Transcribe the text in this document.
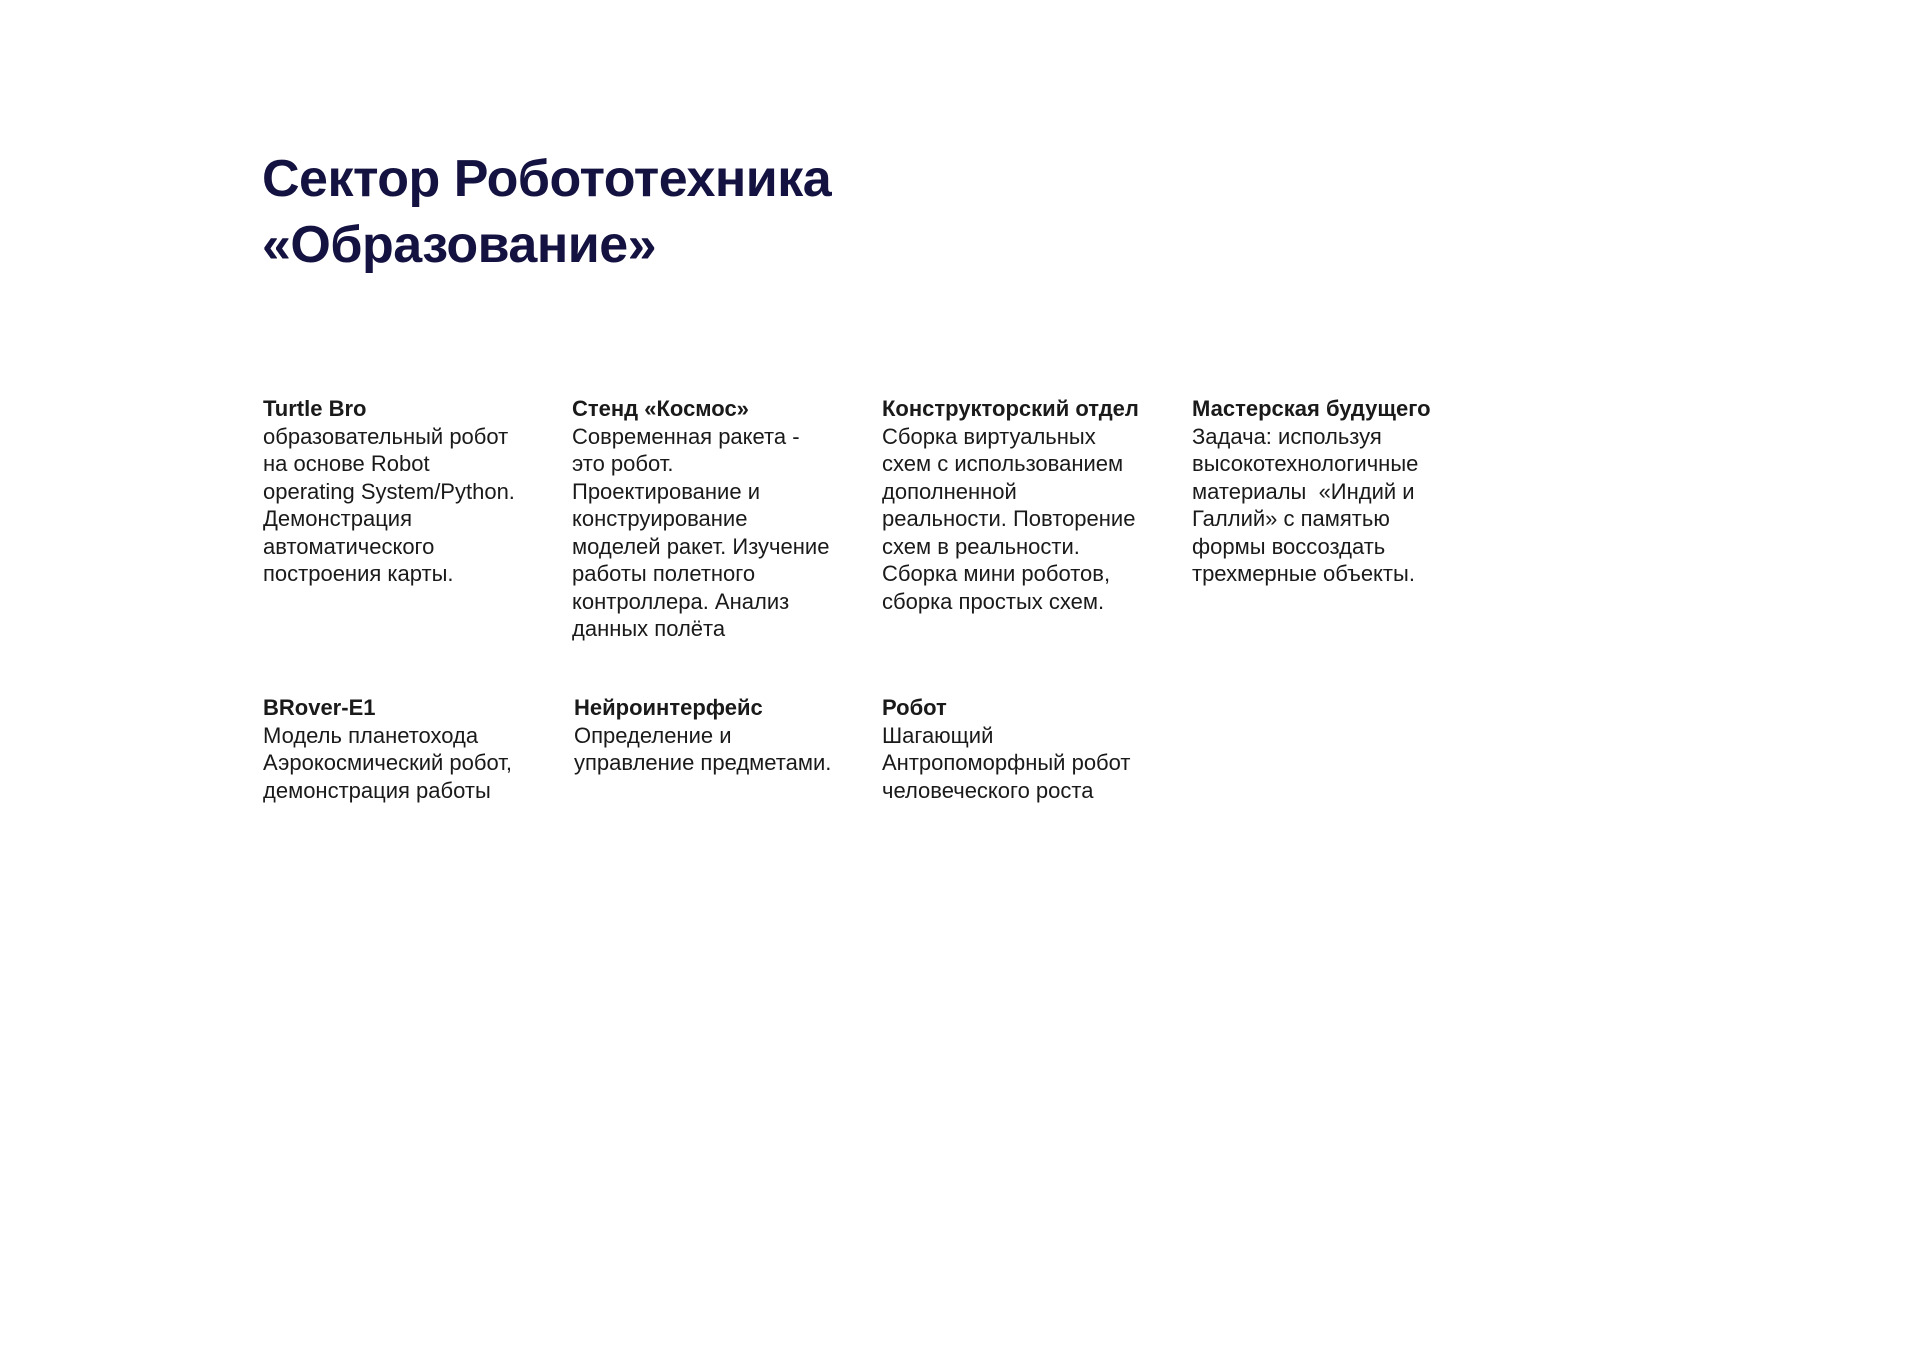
Сектор Робототехника
«Образование»
Turtle Bro
образовательный робот
на основе Robot
operating System/Python.
Демонстрация
автоматического
построения карты.
Стенд «Космос»
Современная ракета -
это робот.
Проектирование и
конструирование
моделей ракет. Изучение
работы полетного
контроллера. Анализ
данных полёта
Конструкторский отдел
Сборка виртуальных
схем с использованием
дополненной
реальности. Повторение
схем в реальности.
Сборка мини роботов,
сборка простых схем.
Мастерская будущего
Задача: используя
высокотехнологичные
материалы  «Индий и
Галлий» с памятью
формы воссоздать
трехмерные объекты.
BRover-E1
Модель планетохода
Аэрокосмический робот,
демонстрация работы
Нейроинтерфейс
Определение и
управление предметами.
Робот
Шагающий
Антропоморфный робот
человеческого роста
